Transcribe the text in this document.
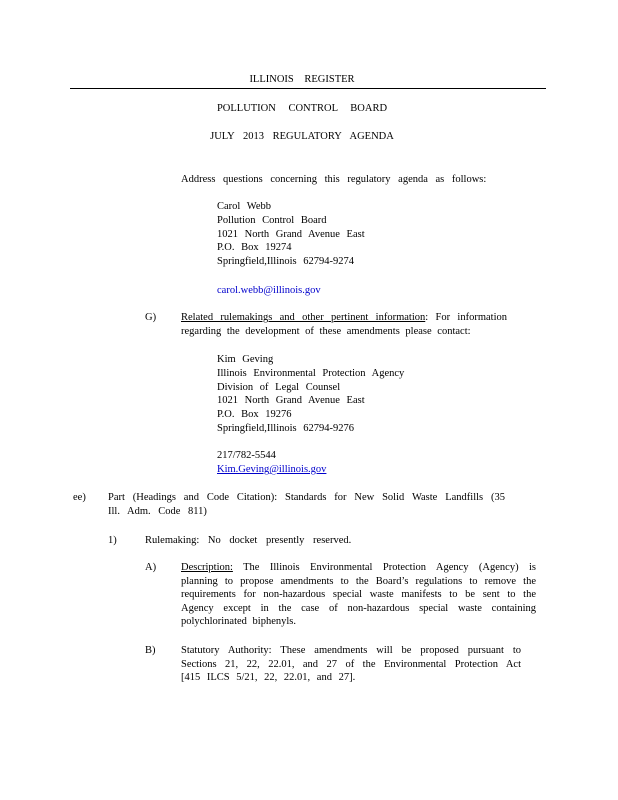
ILLINOIS REGISTER
POLLUTION CONTROL BOARD
JULY 2013 REGULATORY AGENDA
Address questions concerning this regulatory agenda as follows:
Carol Webb
Pollution Control Board
1021 North Grand Avenue East
P.O. Box 19274
Springfield,Illinois 62794-9274
carol.webb@illinois.gov
G) Related rulemakings and other pertinent information: For information regarding the development of these amendments please contact:
Kim Geving
Illinois Environmental Protection Agency
Division of Legal Counsel
1021 North Grand Avenue East
P.O. Box 19276
Springfield,Illinois 62794-9276
217/782-5544
Kim.Geving@illinois.gov
ee) Part (Headings and Code Citation): Standards for New Solid Waste Landfills (35 Ill. Adm. Code 811)
1)	Rulemaking: No docket presently reserved.
A) Description: The Illinois Environmental Protection Agency (Agency) is planning to propose amendments to the Board’s regulations to remove the requirements for non-hazardous special waste manifests to be sent to the Agency except in the case of non-hazardous special waste containing polychlorinated biphenyls.
B) Statutory Authority: These amendments will be proposed pursuant to Sections 21, 22, 22.01, and 27 of the Environmental Protection Act [415 ILCS 5/21, 22, 22.01, and 27].
